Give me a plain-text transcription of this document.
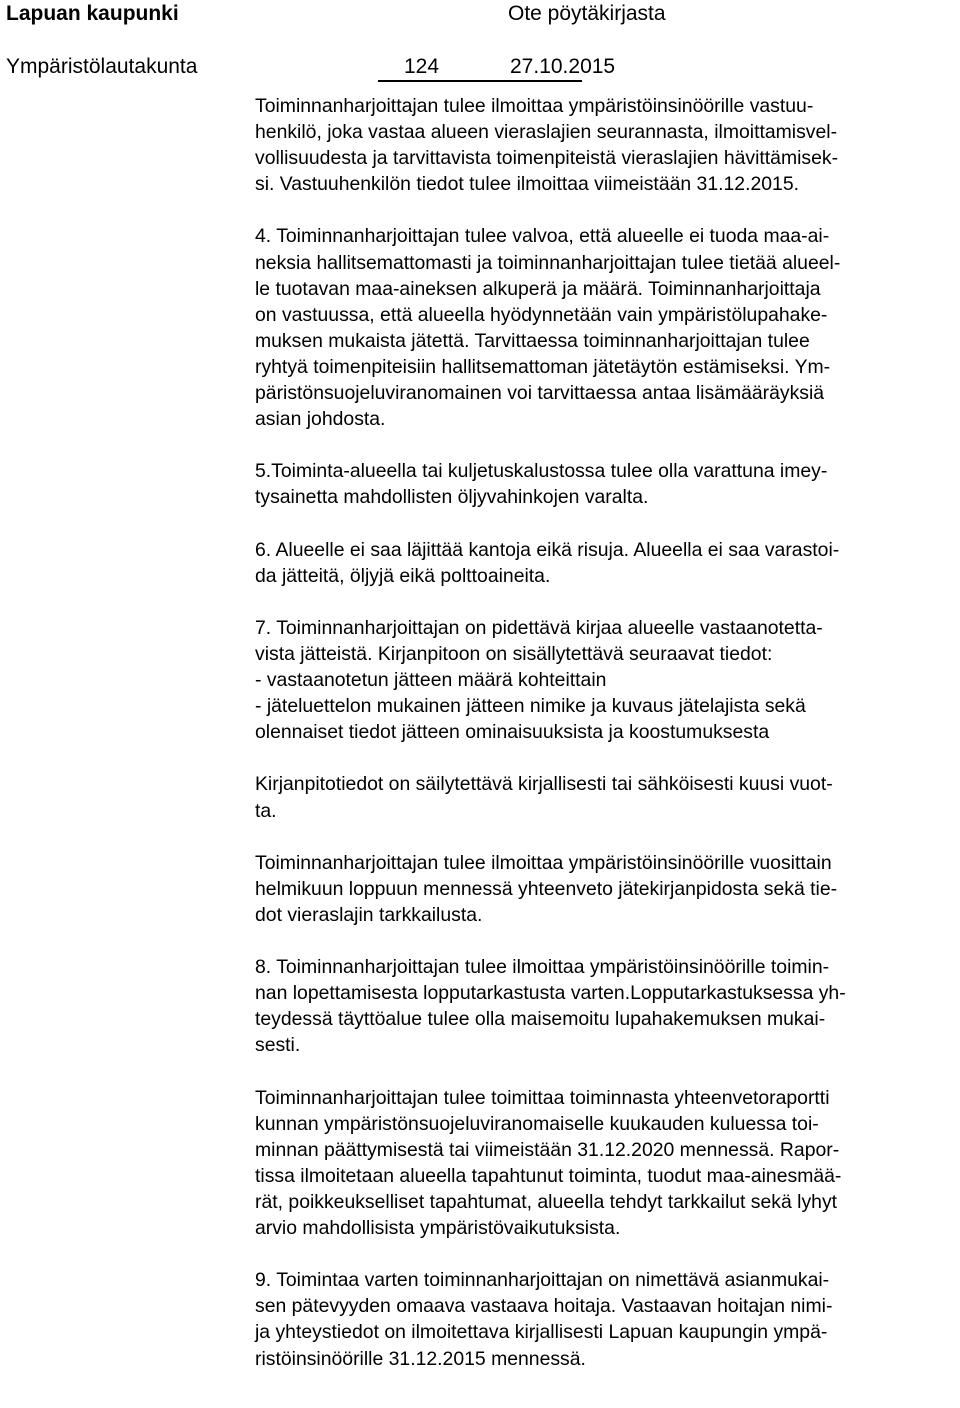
Lapuan kaupunki	Ote pöytäkirjasta
Ympäristölautakunta	124	27.10.2015
Toiminnanharjoittajan tulee ilmoittaa ympäristöinsinöörille vastuu-
henkilö, joka vastaa alueen vieraslajien seurannasta, ilmoittamisvel-
vollisuudesta ja tarvittavista toimenpiteistä vieraslajien hävittämisek-
si. Vastuuhenkilön tiedot tulee ilmoittaa viimeistään 31.12.2015.
4. Toiminnanharjoittajan tulee valvoa, että alueelle ei tuoda maa-ai-
neksia hallitsemattomasti ja toiminnanharjoittajan tulee tietää alueel-
le tuotavan maa-aineksen alkuperä ja määrä. Toiminnanharjoittaja
on vastuussa, että alueella hyödynnetään vain ympäristölupahake-
muksen mukaista jätettä. Tarvittaessa toiminnanharjoittajan tulee
ryhtyä toimenpiteisiin hallitsemattoman jätetäytön estämiseksi. Ym-
päristönsuojeluviranomainen voi tarvittaessa antaa lisämääräyksiä
asian johdosta.
5.Toiminta-alueella tai kuljetuskalustossa tulee olla varattuna imey-
tysainetta mahdollisten öljyvahinkojen varalta.
6. Alueelle ei saa läjittää kantoja eikä risuja. Alueella ei saa varastoi-
da jätteitä, öljyjä eikä polttoaineita.
7. Toiminnanharjoittajan on pidettävä kirjaa alueelle vastaanotetta-
vista jätteistä. Kirjanpitoon on sisällytettävä seuraavat tiedot:
- vastaanotetun jätteen määrä kohteittain
- jäteluettelon mukainen jätteen nimike ja kuvaus jätelajista sekä
olennaiset tiedot jätteen ominaisuuksista ja koostumuksesta
Kirjanpitotiedot on säilytettävä kirjallisesti tai sähköisesti kuusi vuot-
ta.
Toiminnanharjoittajan tulee ilmoittaa ympäristöinsinöörille vuosittain
helmikuun loppuun mennessä yhteenveto jätekirjanpidosta sekä tie-
dot vieraslajin tarkkailusta.
8. Toiminnanharjoittajan tulee ilmoittaa ympäristöinsinöörille toimin-
nan lopettamisesta lopputarkastusta varten.Lopputarkastuksessa yh-
teydessä täyttöalue tulee olla maisemoitu lupahakemuksen mukai-
sesti.
Toiminnanharjoittajan tulee toimittaa toiminnasta yhteenvetoraportti
kunnan ympäristönsuojeluviranomaiselle kuukauden kuluessa toi-
minnan päättymisestä tai viimeistään 31.12.2020 mennessä. Rapor-
tissa ilmoitetaan alueella tapahtunut toiminta, tuodut maa-ainesmää-
rät, poikkeukselliset tapahtumat, alueella tehdyt tarkkailut sekä lyhyt
arvio mahdollisista ympäristövaikutuksista.
9. Toimintaa varten toiminnanharjoittajan on nimettävä asianmukai-
sen pätevyyden omaava vastaava hoitaja. Vastaavan hoitajan nimi-
ja yhteystiedot on ilmoitettava kirjallisesti Lapuan kaupungin ympä-
ristöinsinöörille 31.12.2015 mennessä.
